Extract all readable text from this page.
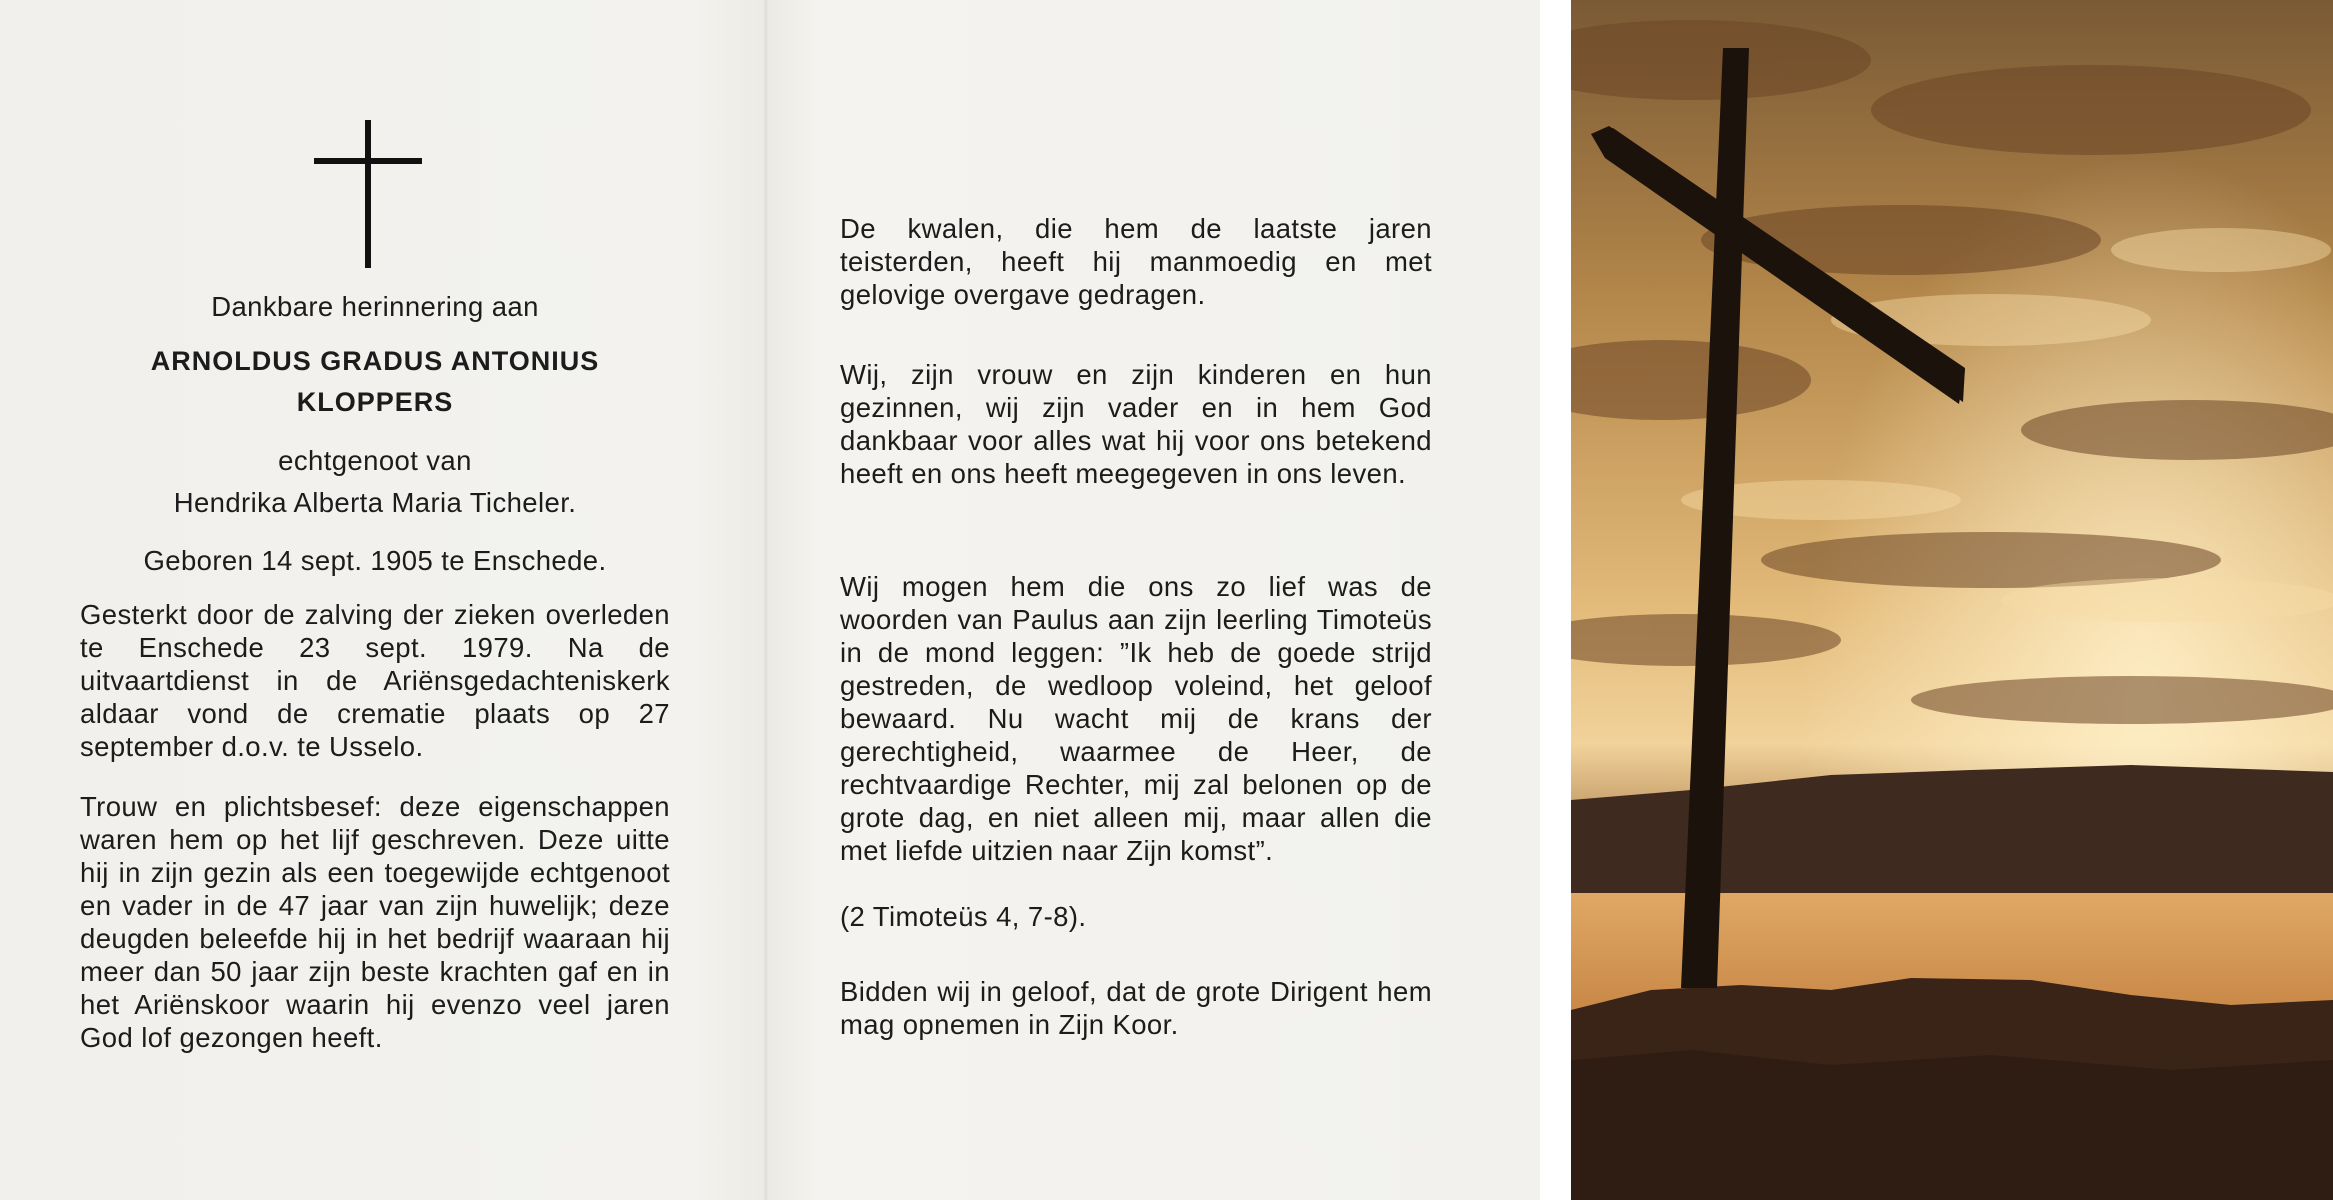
Dankbare herinnering aan

ARNOLDUS GRADUS ANTONIUS
KLOPPERS

echtgenoot van

Hendrika Alberta Maria Ticheler.

Geboren 14 sept. 1905 te Enschede.

Gesterkt door de zalving der zieken overleden te Enschede 23 sept. 1979. Na de uitvaartdienst in de Ariënsgedachteniskerk aldaar vond de crematie plaats op 27 september d.o.v. te Usselo.

Trouw en plichtsbesef: deze eigenschappen waren hem op het lijf geschreven. Deze uitte hij in zijn gezin als een toegewijde echtgenoot en vader in de 47 jaar van zijn huwelijk; deze deugden beleefde hij in het bedrijf waaraan hij meer dan 50 jaar zijn beste krachten gaf en in het Ariënskoor waarin hij evenzo veel jaren God lof gezongen heeft.

De kwalen, die hem de laatste jaren teisterden, heeft hij manmoedig en met gelovige overgave gedragen.

Wij, zijn vrouw en zijn kinderen en hun gezinnen, wij zijn vader en in hem God dankbaar voor alles wat hij voor ons betekend heeft en ons heeft meegegeven in ons leven.

Wij mogen hem die ons zo lief was de woorden van Paulus aan zijn leerling Timoteüs in de mond leggen: ”Ik heb de goede strijd gestreden, de wedloop voleind, het geloof bewaard. Nu wacht mij de krans der gerechtigheid, waarmee de Heer, de rechtvaardige Rechter, mij zal belonen op de grote dag, en niet alleen mij, maar allen die met liefde uitzien naar Zijn komst”.

(2 Timoteüs 4, 7-8).

Bidden wij in geloof, dat de grote Dirigent hem mag opnemen in Zijn Koor.
